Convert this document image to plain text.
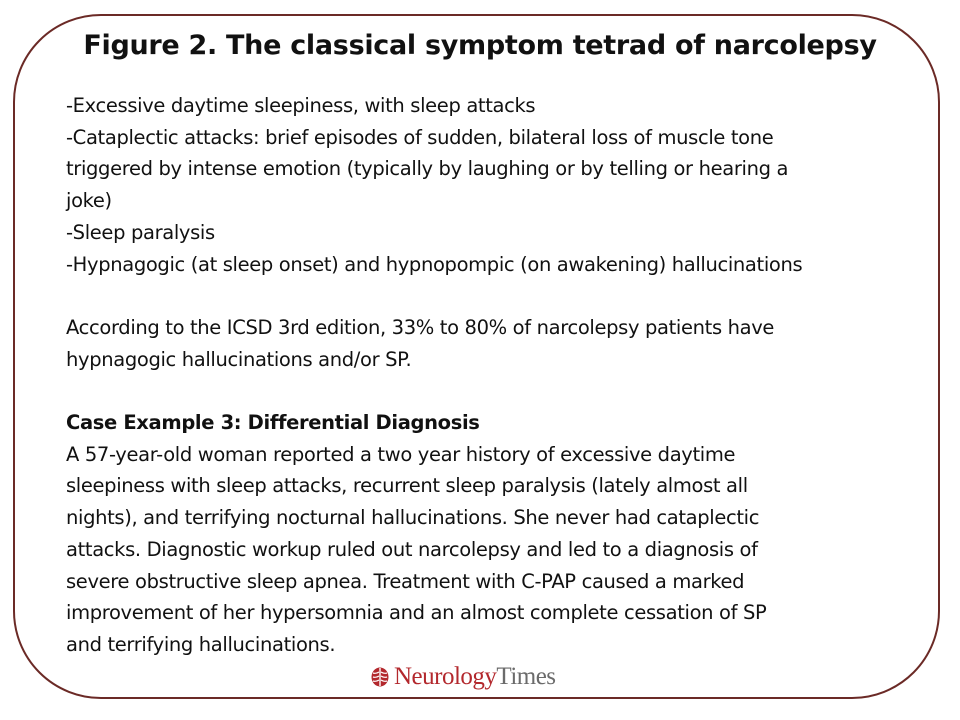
Figure 2. The classical symptom tetrad of narcolepsy
-Excessive daytime sleepiness, with sleep attacks
-Cataplectic attacks: brief episodes of sudden, bilateral loss of muscle tone
triggered by intense emotion (typically by laughing or by telling or hearing a
joke)
-Sleep paralysis
-Hypnagogic (at sleep onset) and hypnopompic (on awakening) hallucinations
According to the ICSD 3rd edition, 33% to 80% of narcolepsy patients have
hypnagogic hallucinations and/or SP.
Case Example 3: Differential Diagnosis
A 57-year-old woman reported a two year history of excessive daytime
sleepiness with sleep attacks, recurrent sleep paralysis (lately almost all
nights), and terrifying nocturnal hallucinations. She never had cataplectic
attacks. Diagnostic workup ruled out narcolepsy and led to a diagnosis of
severe obstructive sleep apnea. Treatment with C-PAP caused a marked
improvement of her hypersomnia and an almost complete cessation of SP
and terrifying hallucinations.
NeurologyTimes
